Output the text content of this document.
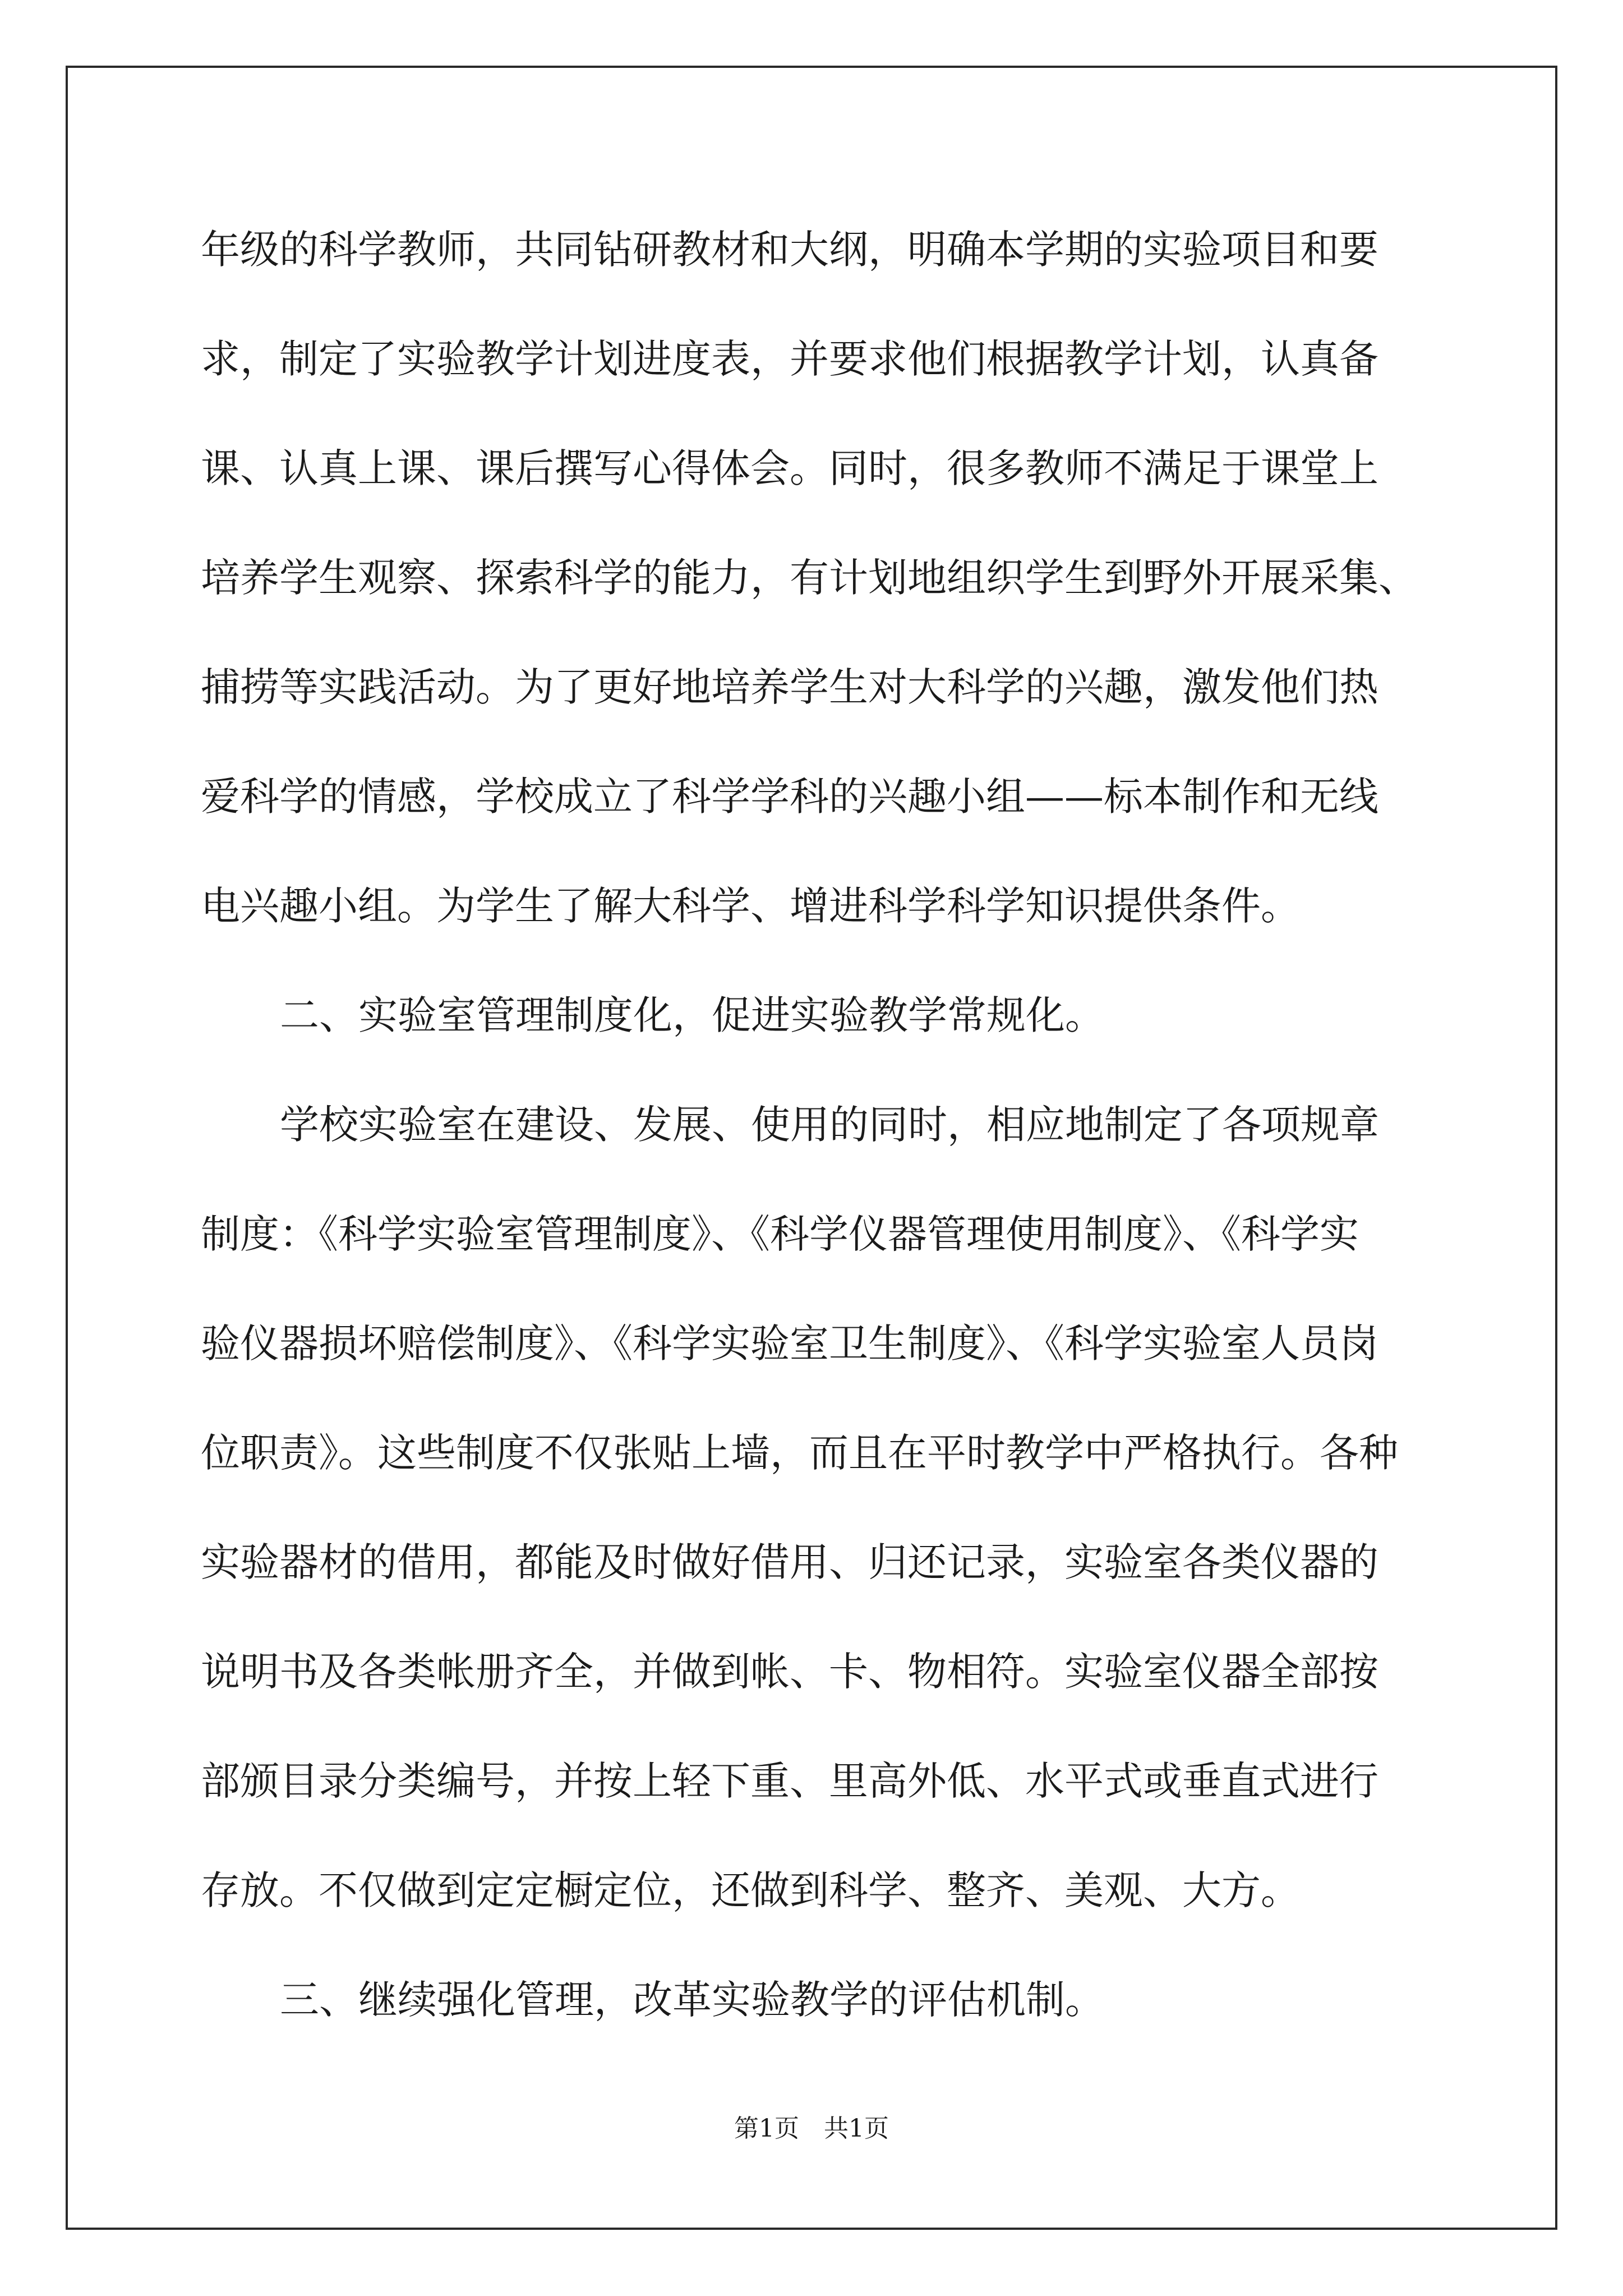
年级的科学教师，共同钻研教材和大纲，明确本学期的实验项目和要

求，制定了实验教学计划进度表，并要求他们根据教学计划，认真备

课、认真上课、课后撰写心得体会。同时，很多教师不满足于课堂上

培养学生观察、探索科学的能力，有计划地组织学生到野外开展采集、

捕捞等实践活动。为了更好地培养学生对大科学的兴趣，激发他们热

爱科学的情感，学校成立了科学学科的兴趣小组——标本制作和无线

电兴趣小组。为学生了解大科学、增进科学科学知识提供条件。

二、实验室管理制度化，促进实验教学常规化。

学校实验室在建设、发展、使用的同时，相应地制定了各项规章

制度：《科学实验室管理制度》、《科学仪器管理使用制度》、《科学实

验仪器损坏赔偿制度》、《科学实验室卫生制度》、《科学实验室人员岗

位职责》。这些制度不仅张贴上墙，而且在平时教学中严格执行。各种

实验器材的借用，都能及时做好借用、归还记录，实验室各类仪器的

说明书及各类帐册齐全，并做到帐、卡、物相符。实验室仪器全部按

部颁目录分类编号，并按上轻下重、里高外低、水平式或垂直式进行

存放。不仅做到定定橱定位，还做到科学、整齐、美观、大方。

三、继续强化管理，改革实验教学的评估机制。

第1页　共1页
